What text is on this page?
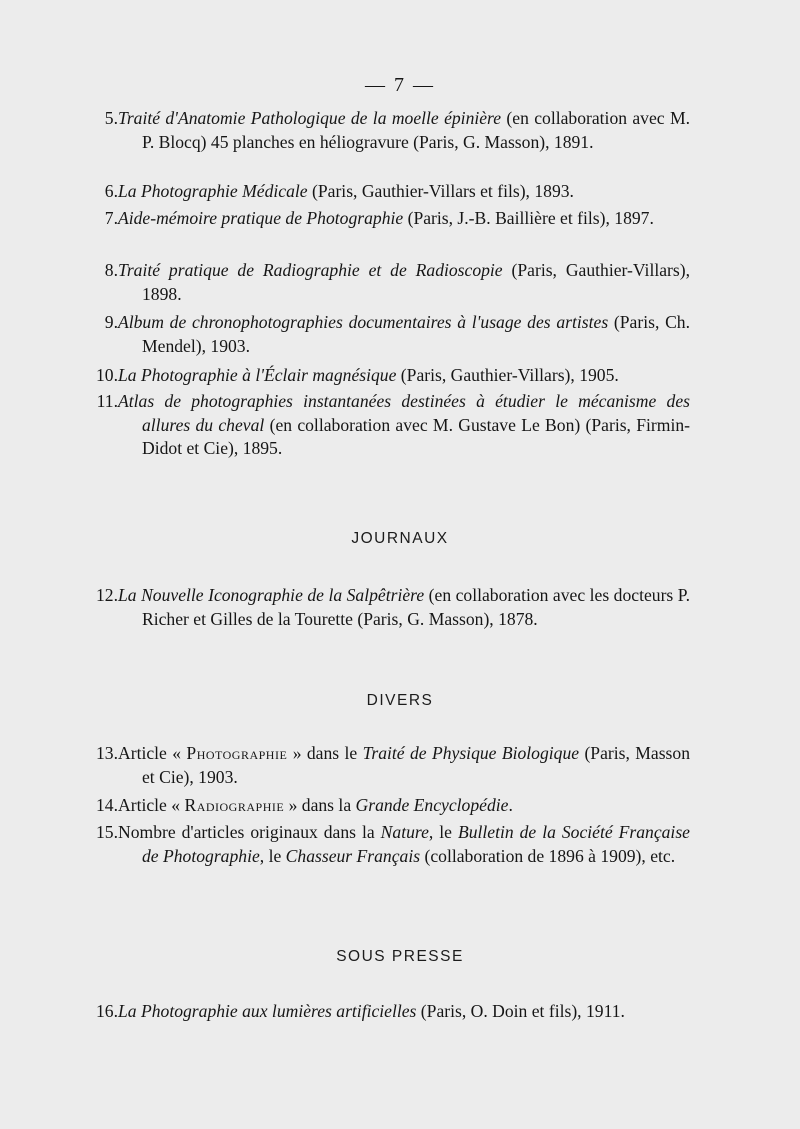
— 7 —
5. Traité d'Anatomie Pathologique de la moelle épinière (en collaboration avec M. P. Blocq) 45 planches en héliogravure (Paris, G. Masson), 1891.
6. La Photographie Médicale (Paris, Gauthier-Villars et fils), 1893.
7. Aide-mémoire pratique de Photographie (Paris, J.-B. Baillière et fils), 1897.
8. Traité pratique de Radiographie et de Radioscopie (Paris, Gauthier-Villars), 1898.
9. Album de chronophotographies documentaires à l'usage des artistes (Paris, Ch. Mendel), 1903.
10. La Photographie à l'Éclair magnésique (Paris, Gauthier-Villars), 1905.
11. Atlas de photographies instantanées destinées à étudier le mécanisme des allures du cheval (en collaboration avec M. Gustave Le Bon) (Paris, Firmin-Didot et Cie), 1895.
JOURNAUX
12. La Nouvelle Iconographie de la Salpêtrière (en collaboration avec les docteurs P. Richer et Gilles de la Tourette (Paris, G. Masson), 1878.
DIVERS
13. Article « Photographie » dans le Traité de Physique Biologique (Paris, Masson et Cie), 1903.
14. Article « Radiographie » dans la Grande Encyclopédie.
15. Nombre d'articles originaux dans la Nature, le Bulletin de la Société Française de Photographie, le Chasseur Français (collaboration de 1896 à 1909), etc.
SOUS PRESSE
16. La Photographie aux lumières artificielles (Paris, O. Doin et fils), 1911.
